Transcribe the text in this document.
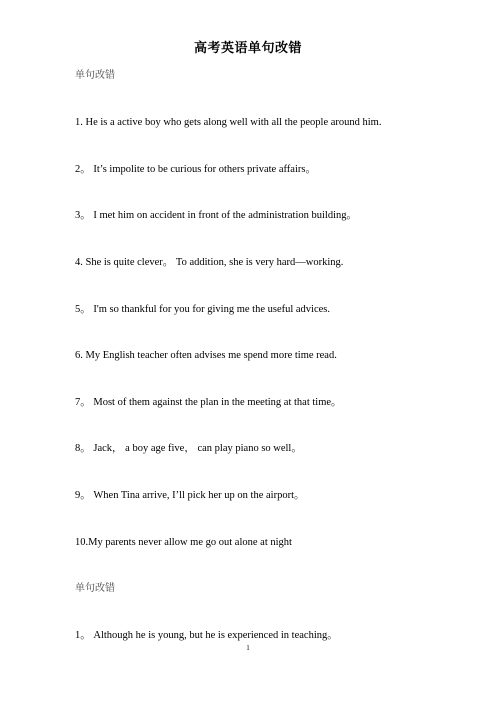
高考英语单句改错
单句改错
1. He is a active boy who gets along well with all the people around him.
2。 It’s impolite to be curious for others private affairs。
3。 I met him on accident in front of the administration building。
4. She is quite clever。 To addition, she is very hard—working.
5。 I'm so thankful for you for giving me the useful advices.
6. My English teacher often advises me spend more time read.
7。 Most of them against the plan in the meeting at that time。
8。 Jack， a boy age five， can play piano so well。
9。 When Tina arrive, I’ll pick her up on the airport。
10.My parents never allow me go out alone at night
单句改错
1。 Although he is young, but he is experienced in teaching。
1
